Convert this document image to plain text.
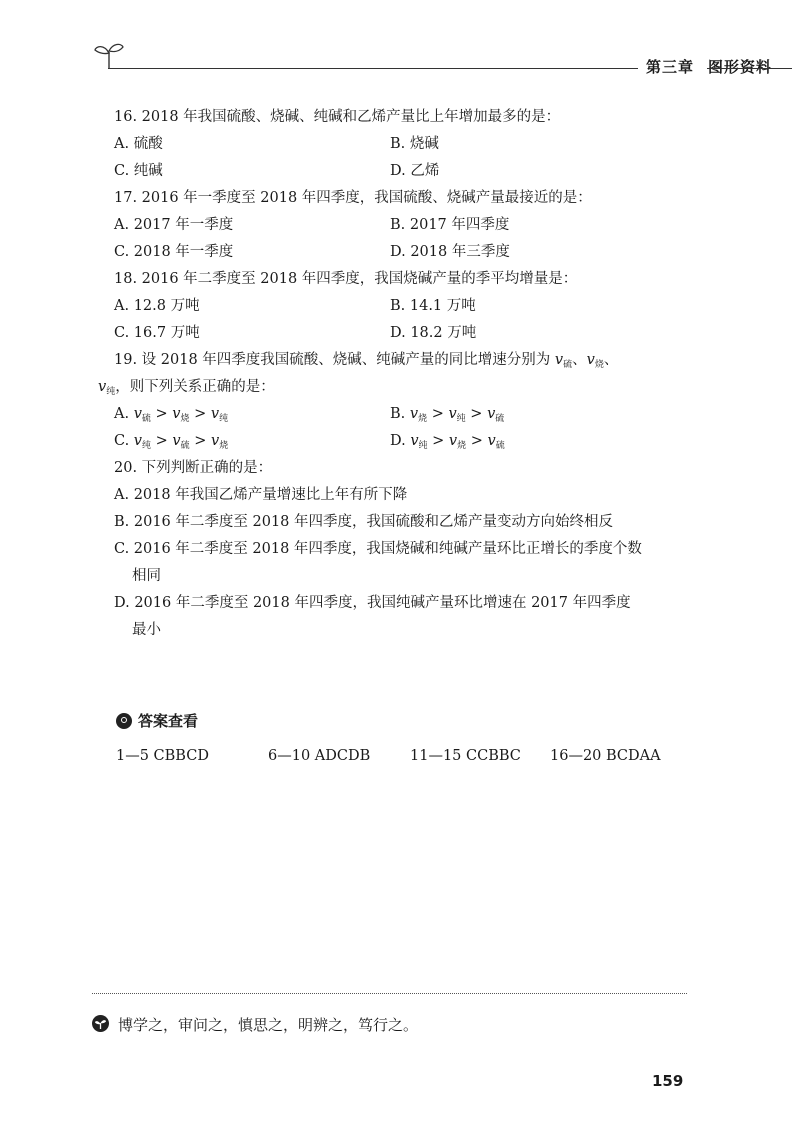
第三章 图形资料
16. 2018 年我国硫酸、烧碱、纯碱和乙烯产量比上年增加最多的是：
A. 硫酸	B. 烧碱
C. 纯碱	D. 乙烯
17. 2016 年一季度至 2018 年四季度，我国硫酸、烧碱产量最接近的是：
A. 2017 年一季度	B. 2017 年四季度
C. 2018 年一季度	D. 2018 年三季度
18. 2016 年二季度至 2018 年四季度，我国烧碱产量的季平均增量是：
A. 12.8 万吨	B. 14.1 万吨
C. 16.7 万吨	D. 18.2 万吨
19. 设 2018 年四季度我国硫酸、烧碱、纯碱产量的同比增速分别为 $v_硫$、$v_烧$、
$v_纯$，则下列关系正确的是：
A. $v_硫 > v_烧 > v_纯$	B. $v_烧 > v_纯 > v_硫$
C. $v_纯 > v_硫 > v_烧$	D. $v_纯 > v_烧 > v_硫$
20. 下列判断正确的是：
A. 2018 年我国乙烯产量增速比上年有所下降
B. 2016 年二季度至 2018 年四季度，我国硫酸和乙烯产量变动方向始终相反
C. 2016 年二季度至 2018 年四季度，我国烧碱和纯碱产量环比正增长的季度个数
相同
D. 2016 年二季度至 2018 年四季度，我国纯碱产量环比增速在 2017 年四季度
最小
答案查看
1—5 CBBCD	6—10 ADCDB	11—15 CCBBC 16—20 BCDAA
博学之，审问之，慎思之，明辨之，笃行之。
159
